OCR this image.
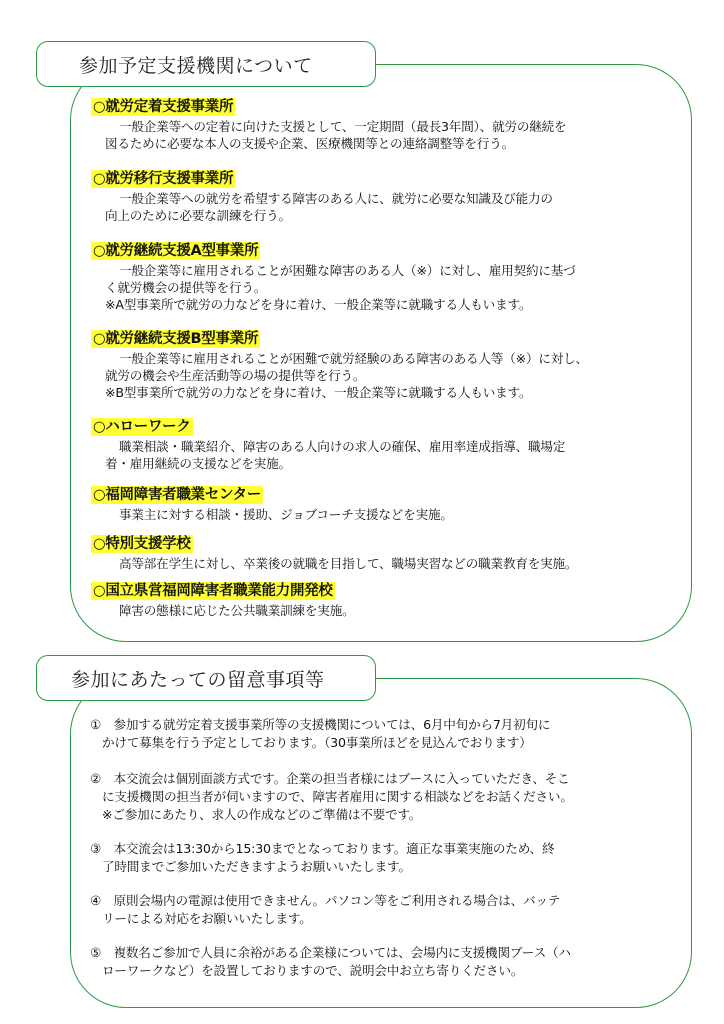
参加予定支援機関について
○就労定着支援事業所

一般企業等への定着に向けた支援として、一定期間（最長3年間）、就労の継続を
図るために必要な本人の支援や企業、医療機関等との連絡調整等を行う。

○就労移行支援事業所

一般企業等への就労を希望する障害のある人に、就労に必要な知識及び能力の
向上のために必要な訓練を行う。

○就労継続支援A型事業所

一般企業等に雇用されることが困難な障害のある人（※）に対し、雇用契約に基づ
く就労機会の提供等を行う。
※A型事業所で就労の力などを身に着け、一般企業等に就職する人もいます。

○就労継続支援B型事業所

一般企業等に雇用されることが困難で就労経験のある障害のある人等（※）に対し、
就労の機会や生産活動等の場の提供等を行う。
※B型事業所で就労の力などを身に着け、一般企業等に就職する人もいます。

○ハローワーク

職業相談・職業紹介、障害のある人向けの求人の確保、雇用率達成指導、職場定
着・雇用継続の支援などを実施。

○福岡障害者職業センター

事業主に対する相談・援助、ジョブコーチ支援などを実施。

○特別支援学校

高等部在学生に対し、卒業後の就職を目指して、職場実習などの職業教育を実施。

○国立県営福岡障害者職業能力開発校

障害の態様に応じた公共職業訓練を実施。

参加にあたっての留意事項等
①　参加する就労定着支援事業所等の支援機関については、6月中旬から7月初旬に
かけて募集を行う予定としております。（30事業所ほどを見込んでおります）
②　本交流会は個別面談方式です。企業の担当者様にはブースに入っていただき、そこ
に支援機関の担当者が伺いますので、障害者雇用に関する相談などをお話ください。
※ご参加にあたり、求人の作成などのご準備は不要です。
③　本交流会は13:30から15:30までとなっております。適正な事業実施のため、終
了時間までご参加いただきますようお願いいたします。
④　原則会場内の電源は使用できません。パソコン等をご利用される場合は、バッテ
リーによる対応をお願いいたします。
⑤　複数名ご参加で人員に余裕がある企業様については、会場内に支援機関ブース（ハ
ローワークなど）を設置しておりますので、説明会中お立ち寄りください。
